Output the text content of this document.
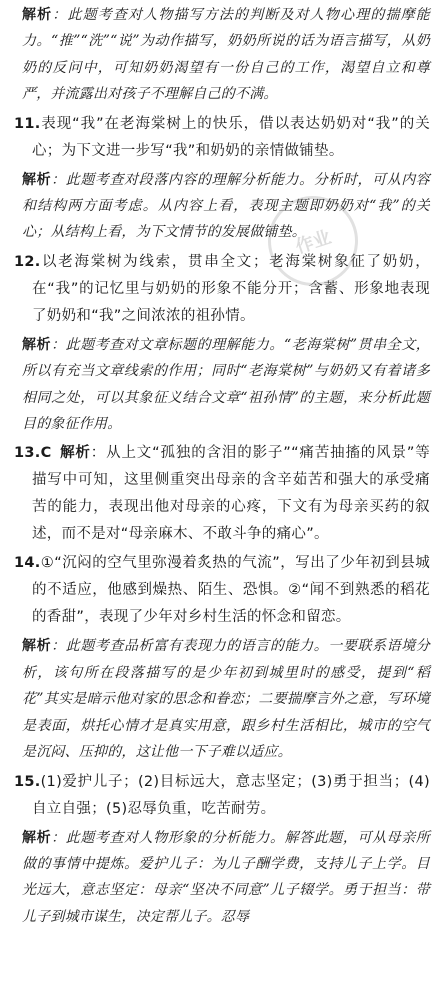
作业

解析：此题考查对人物描写方法的判断及对人物心理的揣摩能力。“推”“洗”“说”为动作描写，奶奶所说的话为语言描写，从奶奶的反问中，可知奶奶渴望有一份自己的工作，渴望自立和尊严，并流露出对孩子不理解自己的不满。

11.表现“我”在老海棠树上的快乐，借以表达奶奶对“我”的关心；为下文进一步写“我”和奶奶的亲情做铺垫。

解析：此题考查对段落内容的理解分析能力。分析时，可从内容和结构两方面考虑。从内容上看，表现主题即奶奶对“我”的关心；从结构上看，为下文情节的发展做铺垫。

12.以老海棠树为线索，贯串全文；老海棠树象征了奶奶，在“我”的记忆里与奶奶的形象不能分开；含蓄、形象地表现了奶奶和“我”之间浓浓的祖孙情。

解析：此题考查对文章标题的理解能力。“老海棠树”贯串全文，所以有充当文章线索的作用；同时“老海棠树”与奶奶又有着诸多相同之处，可以其象征义结合文章“祖孙情”的主题，来分析此题目的象征作用。

13.C 解析：从上文“孤独的含泪的影子”“痛苦抽搐的风景”等描写中可知，这里侧重突出母亲的含辛茹苦和强大的承受痛苦的能力，表现出他对母亲的心疼，下文有为母亲买药的叙述，而不是对“母亲麻木、不敢斗争的痛心”。

14.①“沉闷的空气里弥漫着炙热的气流”，写出了少年初到县城的不适应，他感到燥热、陌生、恐惧。②“闻不到熟悉的稻花的香甜”，表现了少年对乡村生活的怀念和留恋。

解析：此题考查品析富有表现力的语言的能力。一要联系语境分析，该句所在段落描写的是少年初到城里时的感受，提到“稻花”其实是暗示他对家的思念和眷恋；二要揣摩言外之意，写环境是表面，烘托心情才是真实用意，跟乡村生活相比，城市的空气是沉闷、压抑的，这让他一下子难以适应。

15.(1)爱护儿子；(2)目标远大，意志坚定；(3)勇于担当；(4)自立自强；(5)忍辱负重，吃苦耐劳。

解析：此题考查对人物形象的分析能力。解答此题，可从母亲所做的事情中提炼。爱护儿子：为儿子酬学费，支持儿子上学。目光远大，意志坚定：母亲“坚决不同意”儿子辍学。勇于担当：带儿子到城市谋生，决定帮儿子。忍辱
